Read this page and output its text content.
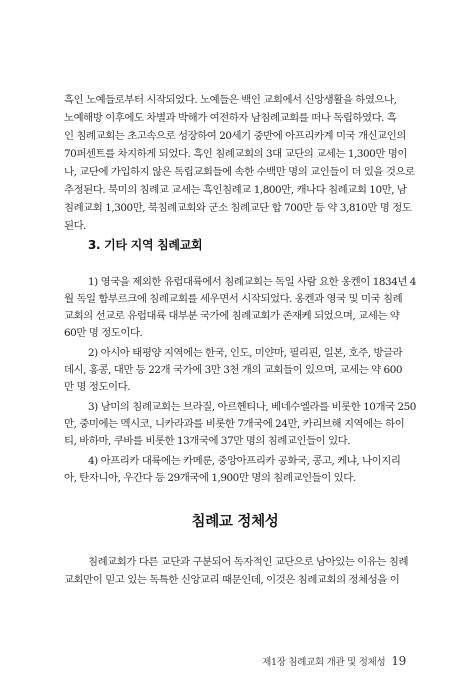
흑인 노예들로부터 시작되었다. 노예들은 백인 교회에서 신앙생활을 하였으나,
노예해방 이후에도 차별과 박해가 여전하자 남침례교회를 떠나 독립하였다. 흑
인 침례교회는 초고속으로 성장하여 20세기 중반에 아프리카계 미국 개신교인의
70퍼센트를 차지하게 되었다. 흑인 침례교회의 3대 교단의 교세는 1,300만 명이
나, 교단에 가입하지 않은 독립교회들에 속한 수백만 명의 교인들이 더 있을 것으로
추정된다. 북미의 침례교 교세는 흑인침례교 1,800만, 캐나다 침례교회 10만, 남
침례교회 1,300만, 북침례교회와 군소 침례교단 합 700만 등 약 3,810만 명 정도
된다.
3. 기타 지역 침례교회
1) 영국을 제외한 유럽대륙에서 침례교회는 독일 사람 요한 옹켄이 1834년 4
월 독일 함부르크에 침례교회를 세우면서 시작되었다. 옹켄과 영국 및 미국 침례
교회의 선교로 유럽대륙 대부분 국가에 침례교회가 존재케 되었으며, 교세는 약
60만 명 정도이다.
2) 아시아 태평양 지역에는 한국, 인도, 미얀마, 필리핀, 일본, 호주, 방글라
데시, 홍콩, 대만 등 22개 국가에 3만 3천 개의 교회들이 있으며, 교세는 약 600
만 명 정도이다.
3) 남미의 침례교회는 브라질, 아르헨티나, 베네수엘라를 비롯한 10개국 250
만, 중미에는 멕시코, 니카라과를 비롯한 7개국에 24만, 카리브해 지역에는 하이
티, 바하마, 쿠바를 비롯한 13개국에 37만 명의 침례교인들이 있다.
침례교 정체성
침례교회가 다른 교단과 구분되어 독자적인 교단으로 남아있는 이유는 침례
교회만이 믿고 있는 독특한 신앙교리 때문인데, 이것은 침례교회의 정체성을 이
제1장 침례교회 개관 및 정체성 19
4) 아프리카 대륙에는 카메룬, 중앙아프리카 공화국, 콩고, 케냐, 나이지리
아, 탄자니아, 우간다 등 29개국에 1,900만 명의 침례교인들이 있다.
